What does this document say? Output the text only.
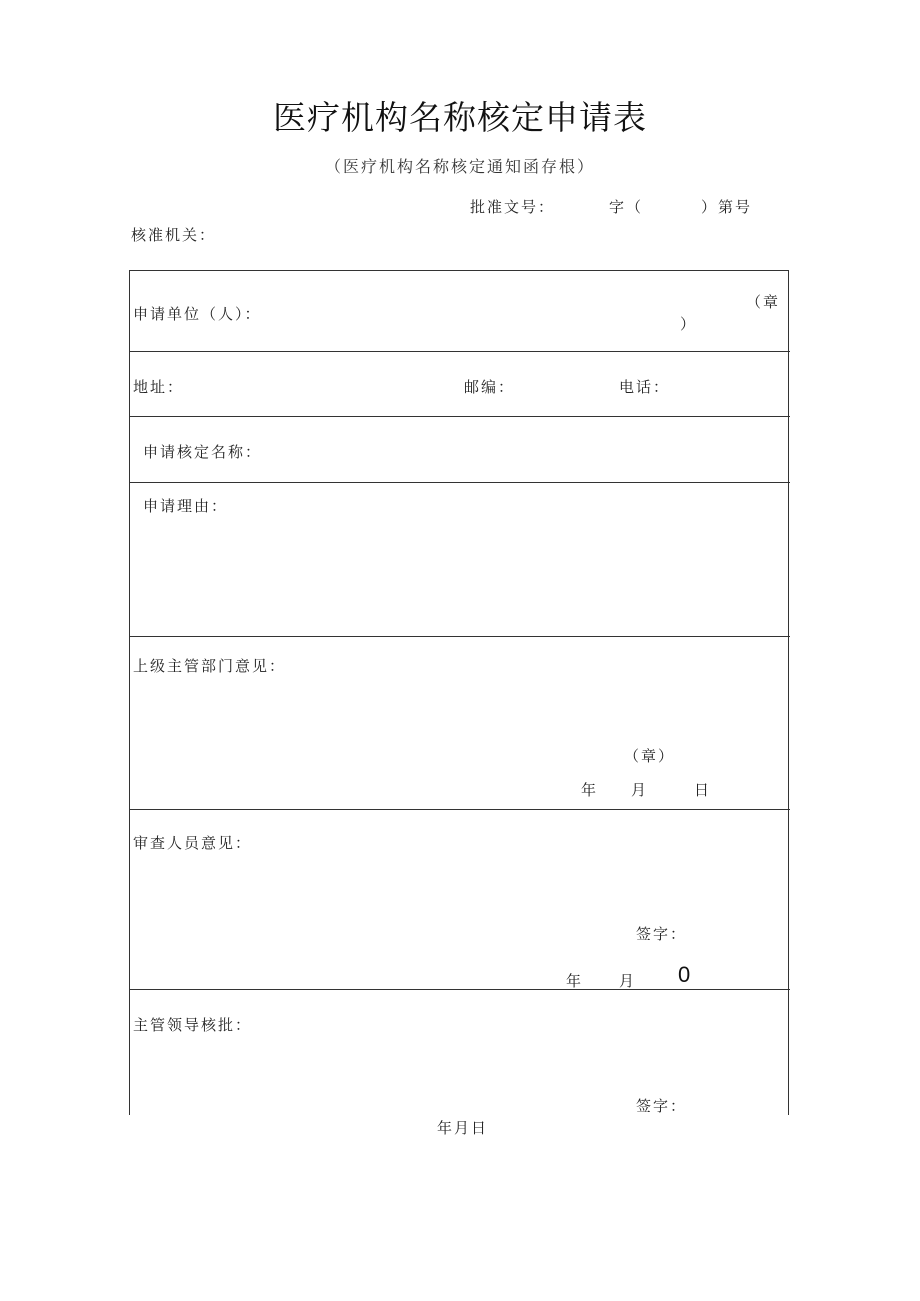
医疗机构名称核定申请表
（医疗机构名称核定通知函存根）
批准文号：	字（	）第号
核准机关：
申请单位（人）：
（章
）
地址：	邮编：	电话：
申请核定名称：
申请理由：
上级主管部门意见：
（章）
年 月	日
审查人员意见：
签字：
年 月 0
主管领导核批：
签字：
年月日
